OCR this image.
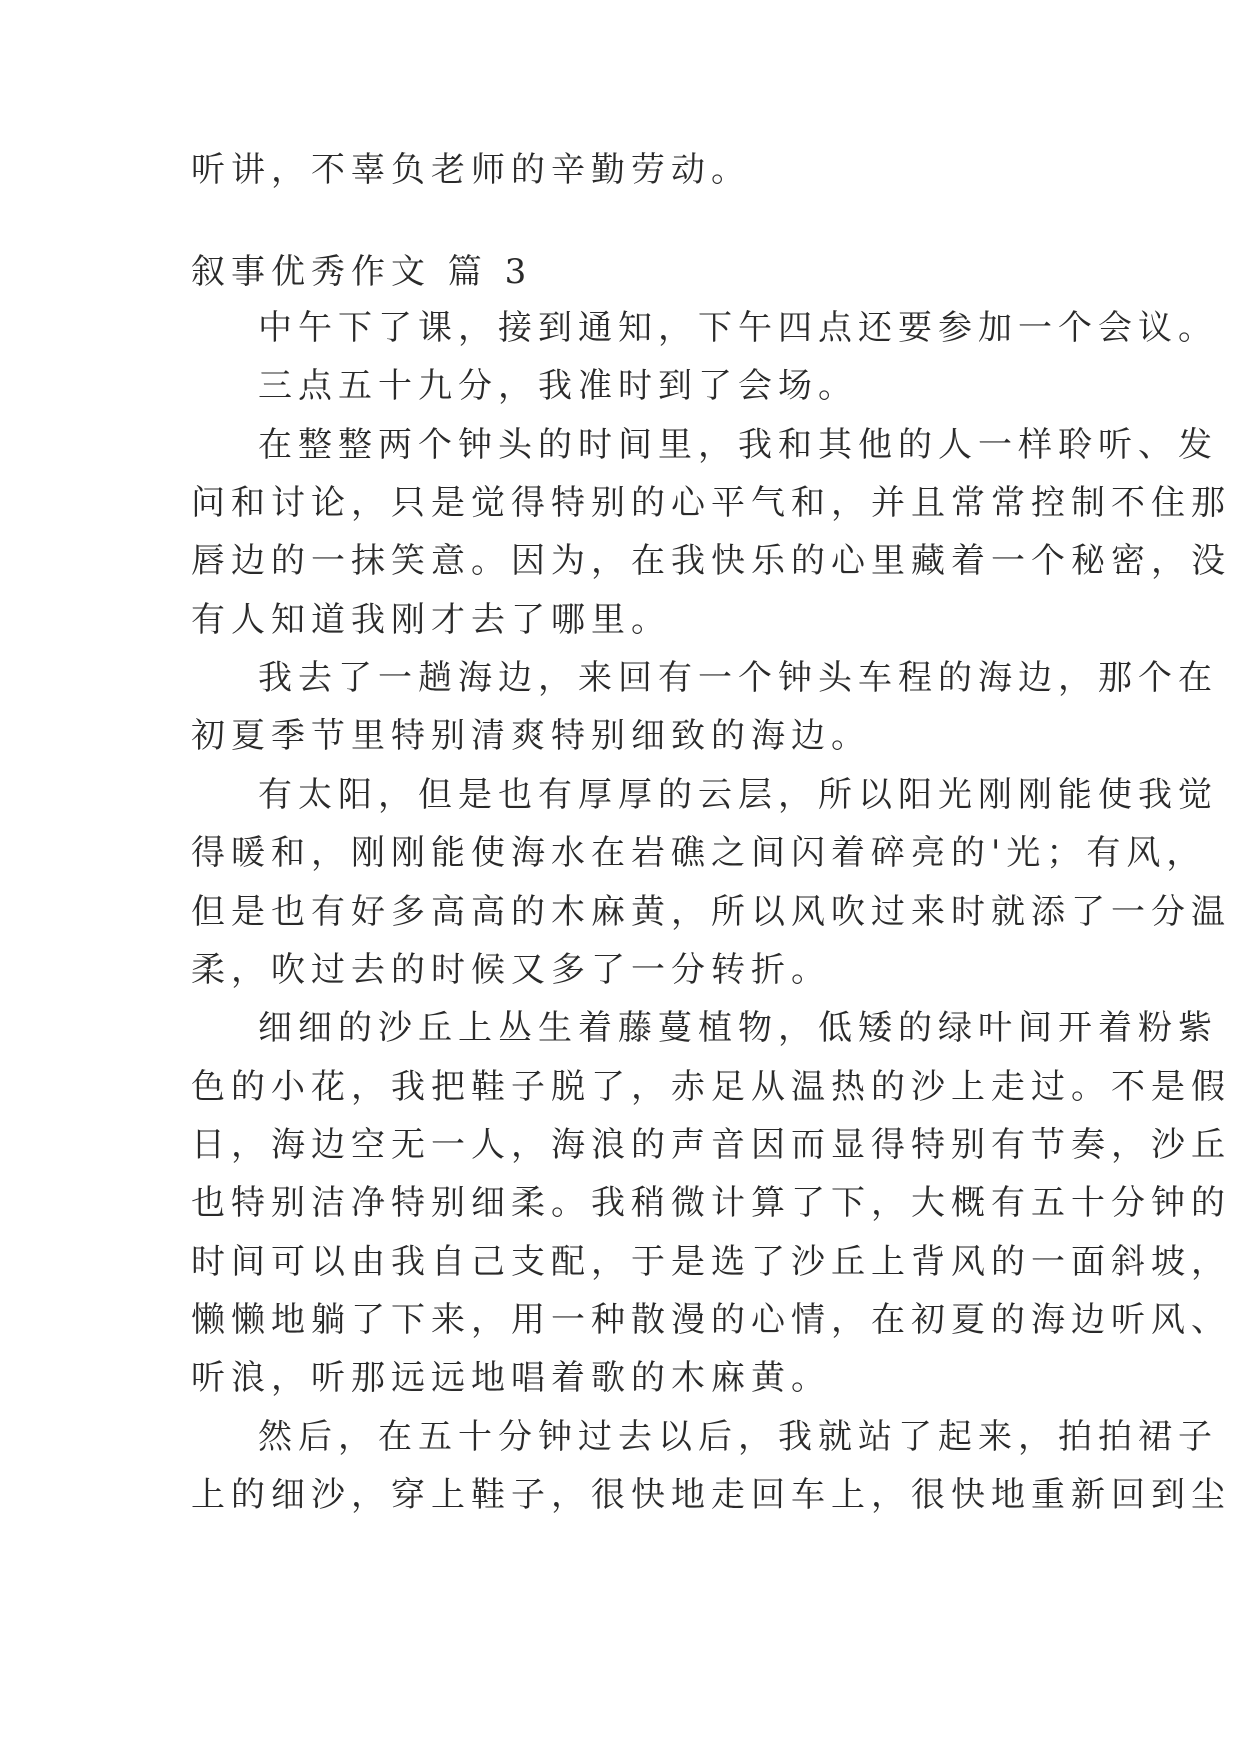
听讲，不辜负老师的辛勤劳动。
叙事优秀作文 篇 3
中午下了课，接到通知，下午四点还要参加一个会议。
三点五十九分，我准时到了会场。
在整整两个钟头的时间里，我和其他的人一样聆听、发
问和讨论，只是觉得特别的心平气和，并且常常控制不住那
唇边的一抹笑意。因为，在我快乐的心里藏着一个秘密，没
有人知道我刚才去了哪里。
我去了一趟海边，来回有一个钟头车程的海边，那个在
初夏季节里特别清爽特别细致的海边。
有太阳，但是也有厚厚的云层，所以阳光刚刚能使我觉
得暖和，刚刚能使海水在岩礁之间闪着碎亮的'光；有风，
但是也有好多高高的木麻黄，所以风吹过来时就添了一分温
柔，吹过去的时候又多了一分转折。
细细的沙丘上丛生着藤蔓植物，低矮的绿叶间开着粉紫
色的小花，我把鞋子脱了，赤足从温热的沙上走过。不是假
日，海边空无一人，海浪的声音因而显得特别有节奏，沙丘
也特别洁净特别细柔。我稍微计算了下，大概有五十分钟的
时间可以由我自己支配，于是选了沙丘上背风的一面斜坡，
懒懒地躺了下来，用一种散漫的心情，在初夏的海边听风、
听浪，听那远远地唱着歌的木麻黄。
然后，在五十分钟过去以后，我就站了起来，拍拍裙子
上的细沙，穿上鞋子，很快地走回车上，很快地重新回到尘
